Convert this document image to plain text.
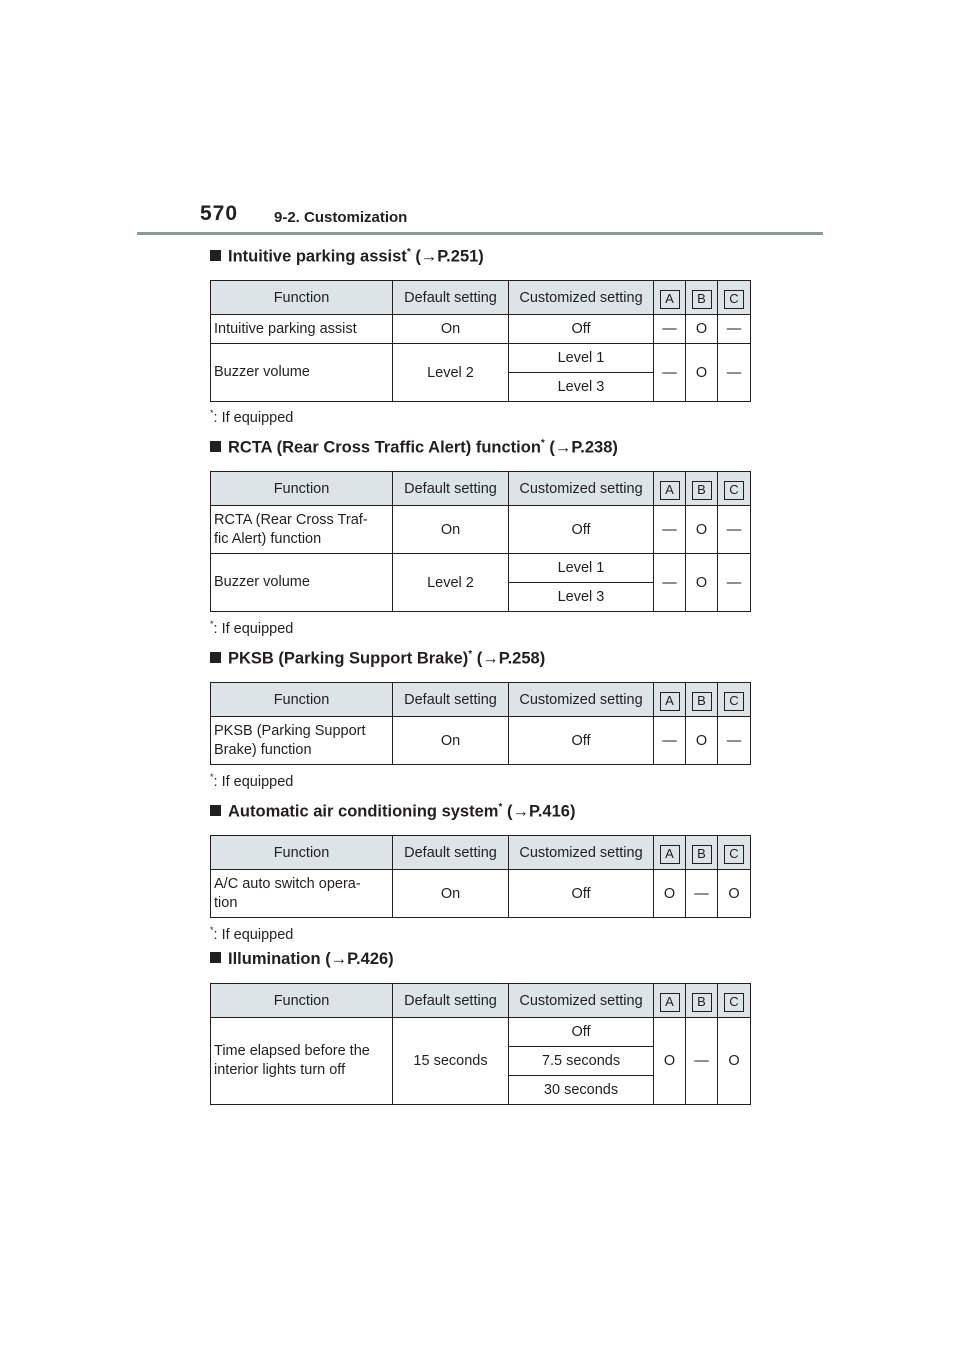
570 9-2. Customization
Intuitive parking assist* (→P.251)
Function	Default setting	Customized setting	A	B	C
Intuitive parking assist	On	Off	—	O	—
Buzzer volume	Level 2	Level 1	—	O	—
		Level 3			
*: If equipped
RCTA (Rear Cross Traffic Alert) function* (→P.238)
Function	Default setting	Customized setting	A	B	C
RCTA (Rear Cross Traf-
fic Alert) function	On	Off	—	O	—
Buzzer volume	Level 2	Level 1	—	O	—
		Level 3			
*: If equipped
PKSB (Parking Support Brake)* (→P.258)
Function	Default setting	Customized setting	A	B	C
PKSB (Parking Support
Brake) function	On	Off	—	O	—
*: If equipped
Automatic air conditioning system* (→P.416)
Function	Default setting	Customized setting	A	B	C
A/C auto switch opera-
tion	On	Off	O	—	O
*: If equipped
Illumination (→P.426)
Function	Default setting	Customized setting	A	B	C
Time elapsed before the
interior lights turn off	15 seconds	Off	O	—	O
		7.5 seconds			
		30 seconds			
